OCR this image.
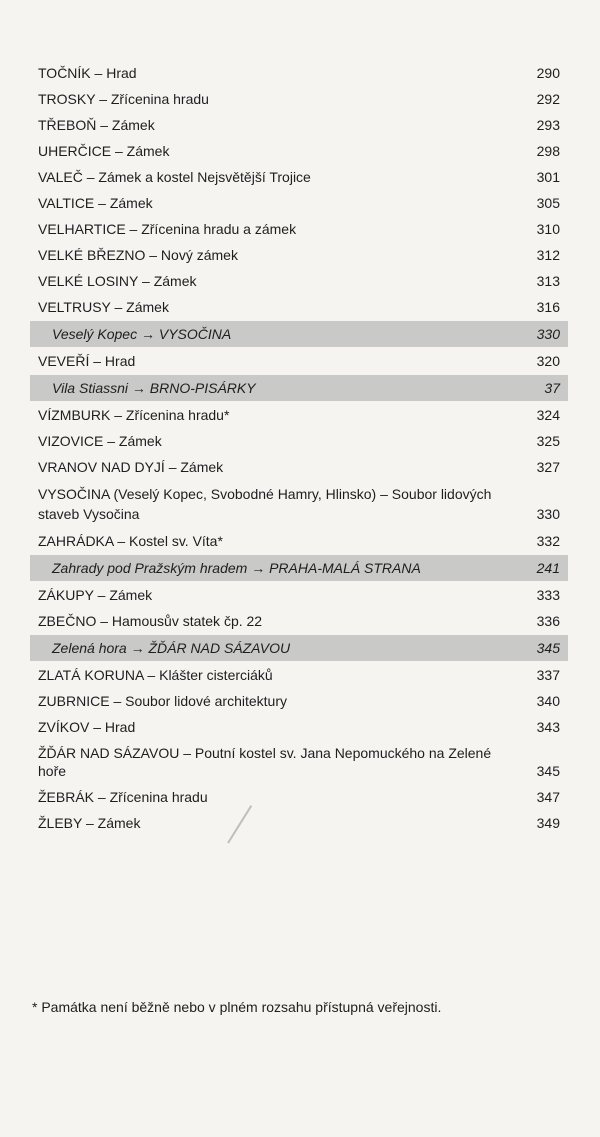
TOČNÍK – Hrad	290
TROSKY – Zřícenina hradu	292
TŘEBOŇ – Zámek	293
UHERČICE – Zámek	298
VALEČ – Zámek a kostel Nejsvětější Trojice	301
VALTICE – Zámek	305
VELHARTICE – Zřícenina hradu a zámek	310
VELKÉ BŘEZNO – Nový zámek	312
VELKÉ LOSINY – Zámek	313
VELTRUSY – Zámek	316
Veselý Kopec → VYSOČINA	330
VEVEŘÍ – Hrad	320
Vila Stiassni → BRNO-PISÁRKY	37
VÍZMBURK – Zřícenina hradu*	324
VIZOVICE – Zámek	325
VRANOV NAD DYJÍ – Zámek	327
VYSOČINA (Veselý Kopec, Svobodné Hamry, Hlinsko) – Soubor lidových staveb Vysočina	330
ZAHRÁDKA – Kostel sv. Víta*	332
Zahrady pod Pražským hradem → PRAHA-MALÁ STRANA	241
ZÁKUPY – Zámek	333
ZBEČNO – Hamousův statek čp. 22	336
Zelená hora → ŽĎÁR NAD SÁZAVOU	345
ZLATÁ KORUNA – Klášter cisterciáků	337
ZUBRNICE – Soubor lidové architektury	340
ZVÍKOV – Hrad	343
ŽĎÁR NAD SÁZAVOU – Poutní kostel sv. Jana Nepomuckého na Zelené hoře	345
ŽEBRÁK – Zřícenina hradu	347
ŽLEBY – Zámek	349
* Památka není běžně nebo v plném rozsahu přístupná veřejnosti.
